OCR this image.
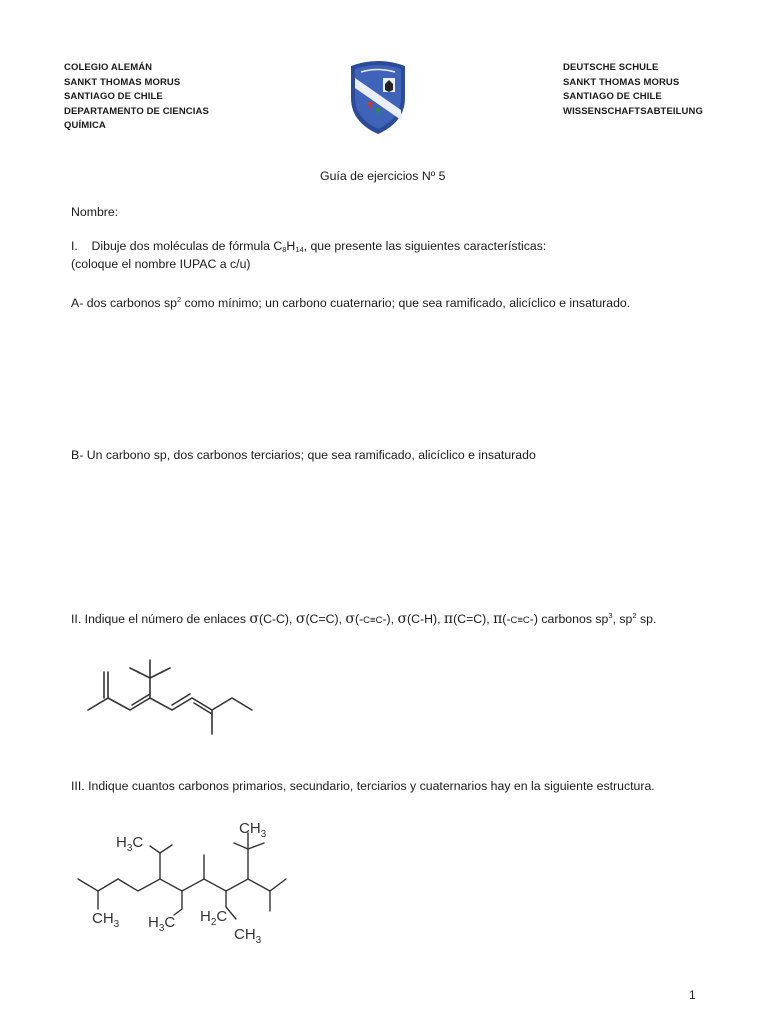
COLEGIO ALEMÁN
SANKT THOMAS MORUS
SANTIAGO DE CHILE
DEPARTAMENTO DE CIENCIAS
QUÍMICA
DEUTSCHE SCHULE
SANKT THOMAS MORUS
SANTIAGO DE CHILE
WISSENSCHAFTSABTEILUNG
Guía de ejercicios Nº 5
Nombre:
I. Dibuje dos moléculas de fórmula $C_8H_{14}$, que presente las siguientes características:
(coloque el nombre IUPAC a c/u)
A- dos carbonos $sp^2$ como mínimo; un carbono cuaternario; que sea ramificado, alicíclico e insaturado.
B- Un carbono sp, dos carbonos terciarios; que sea ramificado, alicíclico e insaturado
II. Indique el número de enlaces σ(C-C), σ(C=C), σ(-C≡C-), σ(C-H), π(C=C), π(-C≡C-) carbonos $sp^3$, $sp^2$ sp.
III. Indique cuantos carbonos primarios, secundario, terciarios y cuaternarios hay en la siguiente estructura.
$H_3C$
$CH_3$
$CH_3$ $H_3C$ $H_2C$
$CH_3$
1
